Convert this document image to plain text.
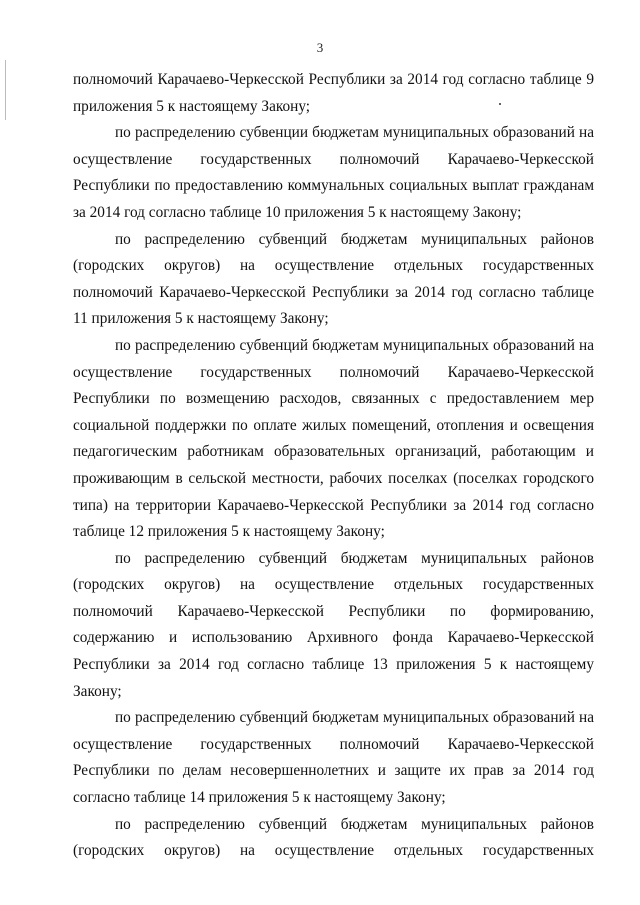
3

полномочий Карачаево-Черкесской Республики за 2014 год согласно таблице 9 приложения 5 к настоящему Закону;

по распределению субвенции бюджетам муниципальных образований на осуществление государственных полномочий Карачаево-Черкесской Республики по предоставлению коммунальных социальных выплат гражданам за 2014 год согласно таблице 10 приложения 5 к настоящему Закону;

по распределению субвенций бюджетам муниципальных районов (городских округов) на осуществление отдельных государственных полномочий Карачаево-Черкесской Республики за 2014 год согласно таблице 11 приложения 5 к настоящему Закону;

по распределению субвенций бюджетам муниципальных образований на осуществление государственных полномочий Карачаево-Черкесской Республики по возмещению расходов, связанных с предоставлением мер социальной поддержки по оплате жилых помещений, отопления и освещения педагогическим работникам образовательных организаций, работающим и проживающим в сельской местности, рабочих поселках (поселках городского типа) на территории Карачаево-Черкесской Республики за 2014 год согласно таблице 12 приложения 5 к настоящему Закону;

по распределению субвенций бюджетам муниципальных районов (городских округов) на осуществление отдельных государственных полномочий Карачаево-Черкесской Республики по формированию, содержанию и использованию Архивного фонда Карачаево-Черкесской Республики за 2014 год согласно таблице 13 приложения 5 к настоящему Закону;

по распределению субвенций бюджетам муниципальных образований на осуществление государственных полномочий Карачаево-Черкесской Республики по делам несовершеннолетних и защите их прав за 2014 год согласно таблице 14 приложения 5 к настоящему Закону;

по распределению субвенций бюджетам муниципальных районов (городских округов) на осуществление отдельных государственных
